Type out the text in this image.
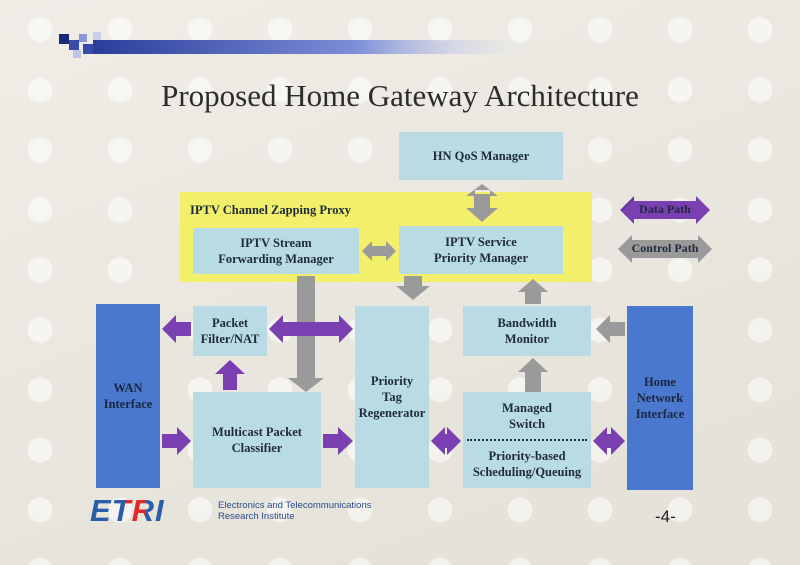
Proposed Home Gateway Architecture
IPTV Channel Zapping Proxy
HN QoS Manager
IPTV Stream
Forwarding Manager
IPTV Service
Priority Manager
Packet
Filter/NAT
Bandwidth
Monitor
WAN
Interface
Home
Network
Interface
Priority
Tag
Regenerator
Multicast Packet
Classifier
Managed
Switch
Priority-based
Scheduling/Queuing
Data Path
Control Path
ETRI	Electronics and Telecommunications
Research Institute	-4-
